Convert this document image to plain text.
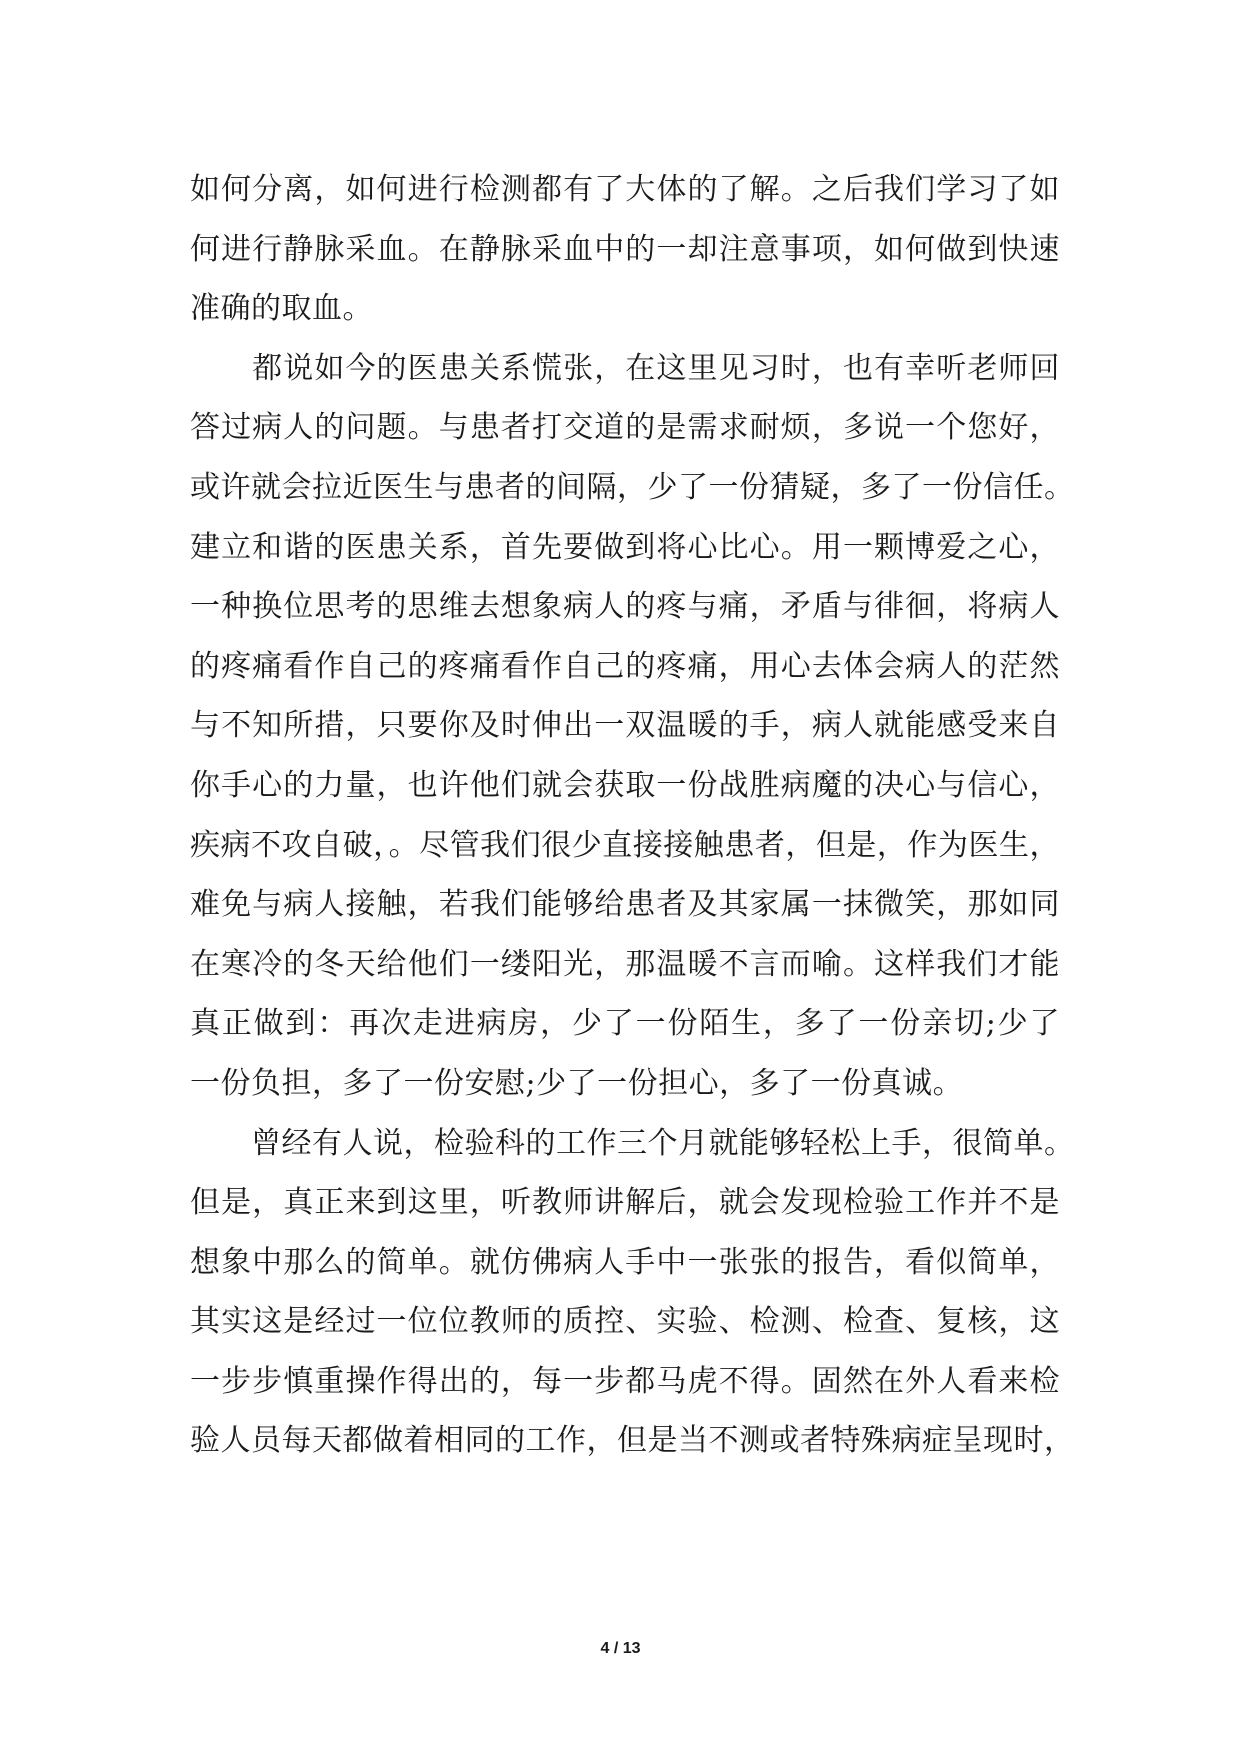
如何分离，如何进行检测都有了大体的了解。之后我们学习了如
何进行静脉采血。在静脉采血中的一却注意事项，如何做到快速
准确的取血。
　　都说如今的医患关系慌张，在这里见习时，也有幸听老师回
答过病人的问题。与患者打交道的是需求耐烦，多说一个您好，
或许就会拉近医生与患者的间隔，少了一份猜疑，多了一份信任。
建立和谐的医患关系，首先要做到将心比心。用一颗博爱之心，
一种换位思考的思维去想象病人的疼与痛，矛盾与徘徊，将病人
的疼痛看作自己的疼痛看作自己的疼痛，用心去体会病人的茫然
与不知所措，只要你及时伸出一双温暖的手，病人就能感受来自
你手心的力量，也许他们就会获取一份战胜病魔的决心与信心，
疾病不攻自破，。尽管我们很少直接接触患者，但是，作为医生，
难免与病人接触，若我们能够给患者及其家属一抹微笑，那如同
在寒冷的冬天给他们一缕阳光，那温暖不言而喻。这样我们才能
真正做到：再次走进病房，少了一份陌生，多了一份亲切;少了
一份负担，多了一份安慰;少了一份担心，多了一份真诚。
　　曾经有人说，检验科的工作三个月就能够轻松上手，很简单。
但是，真正来到这里，听教师讲解后，就会发现检验工作并不是
想象中那么的简单。就仿佛病人手中一张张的报告，看似简单，
其实这是经过一位位教师的质控、实验、检测、检查、复核，这
一步步慎重操作得出的，每一步都马虎不得。固然在外人看来检
验人员每天都做着相同的工作，但是当不测或者特殊病症呈现时，
4 / 13
